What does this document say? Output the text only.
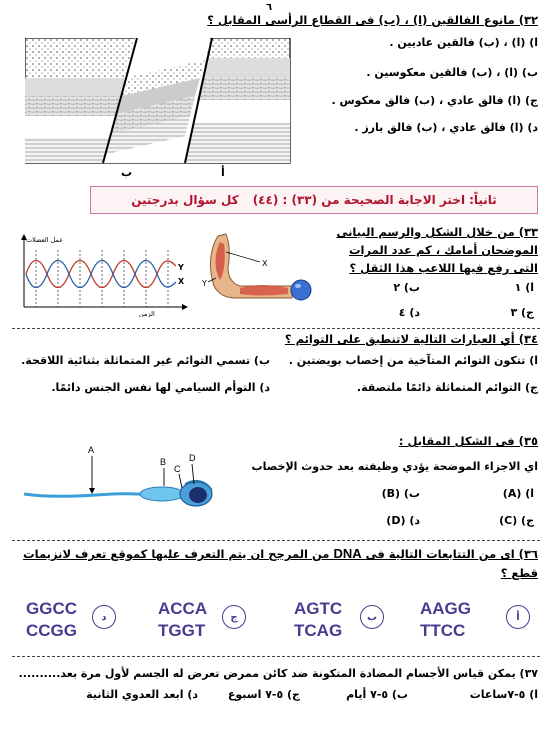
٦
٣٢) مانوع الفالقين (ا) ، (ب) فى القطاع الرأسى المقابل ؟
ا) (ا) ، (ب) فالقين عاديين .
ب) (ا) ، (ب) فالقين معكوسين .
ج) (ا) فالق عادي ، (ب) فالق معكوس .
د) (ا) فالق عادي ، (ب) فالق بارز .
ب	أ
ثانياً:
اختر الاجابة الصحيحة من (٣٣) : (٤٤)
كل سؤال بدرجتين
٣٣) من خلال الشكل والرسم البيانى
الموضحان أمامك ، كم عدد المرات
التى رفع فيها اللاعب هذا الثقل ؟
ا) ١
ب) ٢
ج) ٣
د) ٤
عمل العضلات
الزمن
Y
X
X
Y
٣٤) أي العبارات التالية لاتنطبق على التوائم ؟
ا) تتكون التوائم المتآخية من إخصاب بويضتين .
ب) تسمي التوائم غير المتماثلة بثنائية اللاقحة.
ج) التوائم المتماثلة دائمًا ملتصقة.
د) التوأم السيامي لها نفس الجنس دائمًا.
٣٥) فى الشكل المقابل :
اي الاجزاء الموضحة يؤدي وظيفته بعد حدوث الإخصاب
ا) (A)
ب) (B)
ج) (C)
د) (D)
A
B
C
D
٣٦) اى من التتابعات التالية فى DNA من المرجح ان يتم التعرف عليها كموقع تعرف لانزيمات
قطع ؟
أ
AAGG
TTCC
ب
AGTC
TCAG
ج
ACCA
TGGT
د
GGCC
CCGG
٣٧) يمكن قياس الأجسام المضادة المتكونة ضد كائن ممرض تعرض له الجسم لأول مرة بعد..........
ا) ٥-٧ساعات
ب) ٥-٧ أيام
ج) ٥-٧ اسبوع
د) ابعد العدوي الثانية
